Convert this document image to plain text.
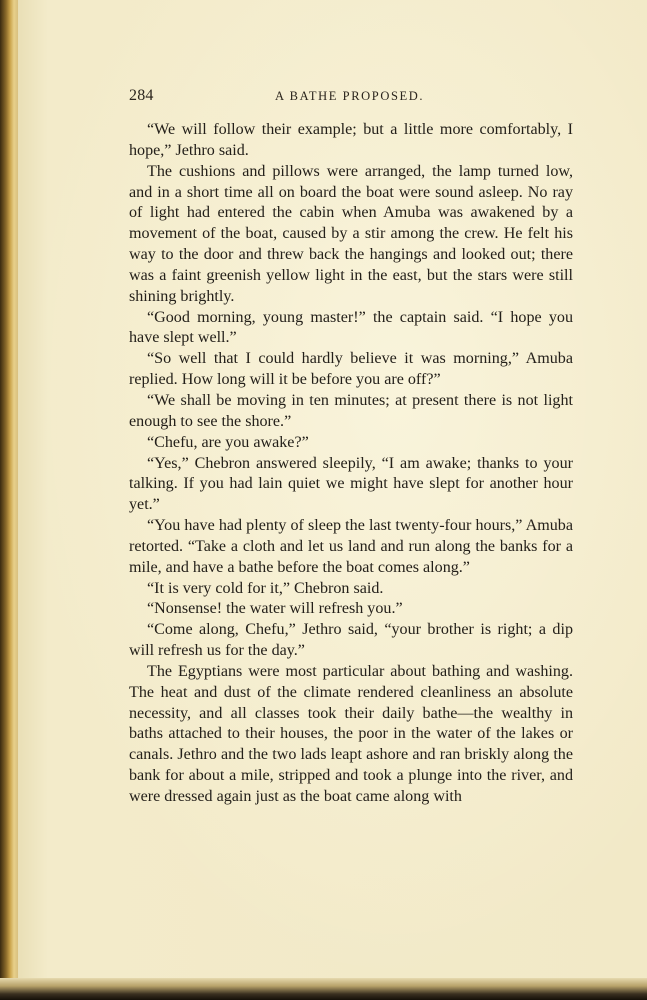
284	A BATHE PROPOSED.

“We will follow their example; but a little more comfortably, I hope,” Jethro said.

The cushions and pillows were arranged, the lamp turned low, and in a short time all on board the boat were sound asleep. No ray of light had entered the cabin when Amuba was awakened by a movement of the boat, caused by a stir among the crew. He felt his way to the door and threw back the hangings and looked out; there was a faint greenish yellow light in the east, but the stars were still shining brightly.

“Good morning, young master!” the captain said. “I hope you have slept well.”

“So well that I could hardly believe it was morning,” Amuba replied. How long will it be before you are off?”

“We shall be moving in ten minutes; at present there is not light enough to see the shore.”

“Chefu, are you awake?”

“Yes,” Chebron answered sleepily, “I am awake; thanks to your talking. If you had lain quiet we might have slept for another hour yet.”

“You have had plenty of sleep the last twenty-four hours,” Amuba retorted. “Take a cloth and let us land and run along the banks for a mile, and have a bathe before the boat comes along.”

“It is very cold for it,” Chebron said.

“Nonsense! the water will refresh you.”

“Come along, Chefu,” Jethro said, “your brother is right; a dip will refresh us for the day.”

The Egyptians were most particular about bathing and washing. The heat and dust of the climate rendered cleanliness an absolute necessity, and all classes took their daily bathe—the wealthy in baths attached to their houses, the poor in the water of the lakes or canals. Jethro and the two lads leapt ashore and ran briskly along the bank for about a mile, stripped and took a plunge into the river, and were dressed again just as the boat came along with
